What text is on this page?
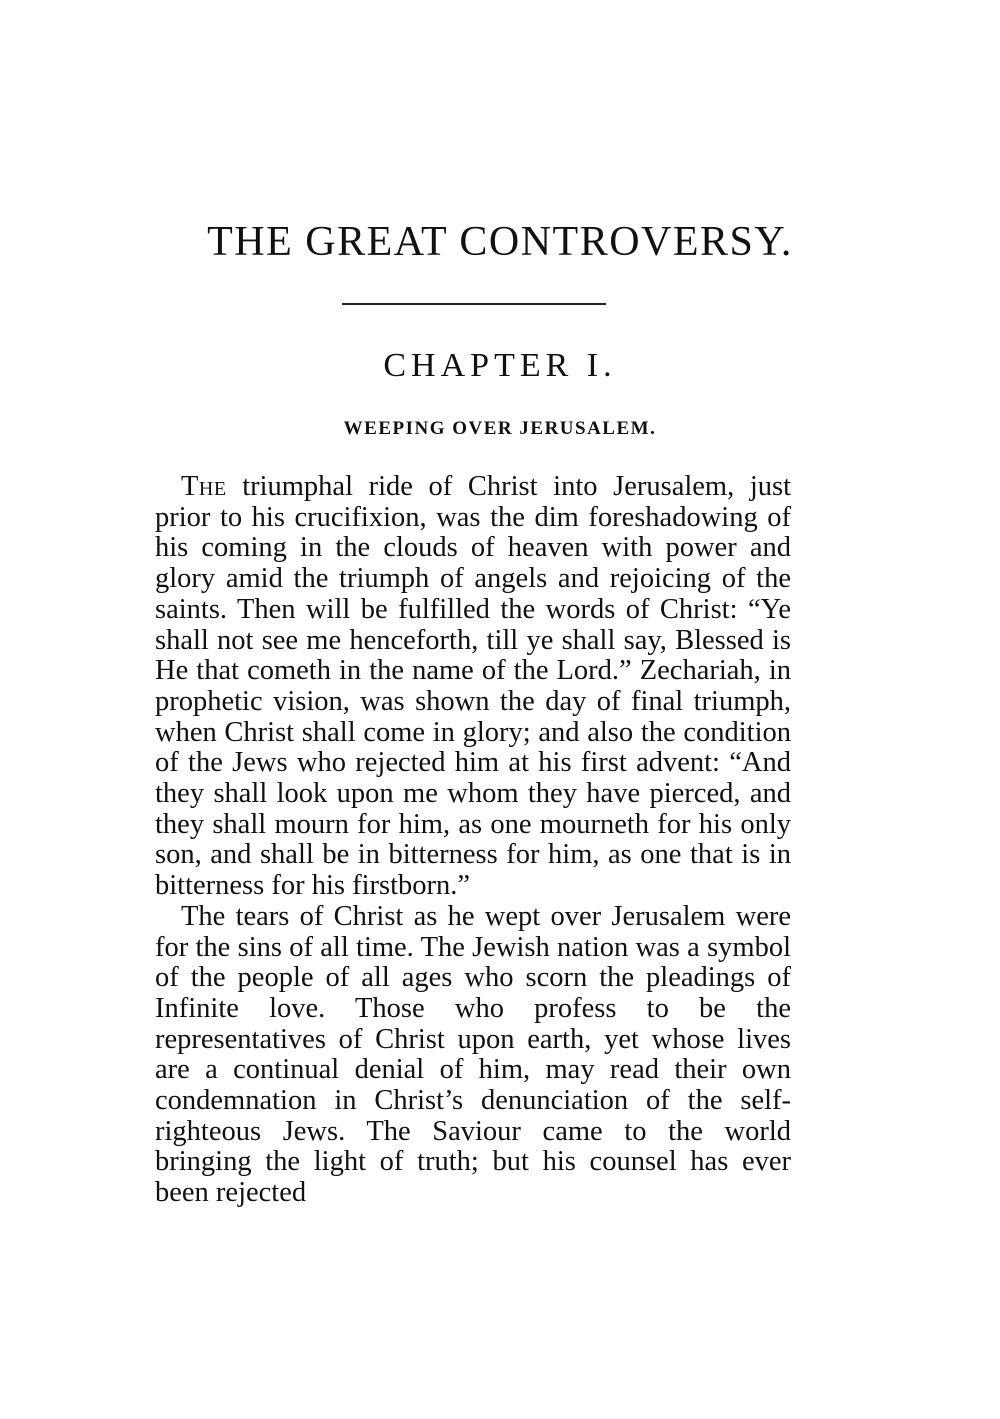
THE GREAT CONTROVERSY.
CHAPTER I.
WEEPING OVER JERUSALEM.

The triumphal ride of Christ into Jerusalem, just prior to his crucifixion, was the dim foreshadowing of his coming in the clouds of heaven with power and glory amid the triumph of angels and rejoicing of the saints. Then will be fulfilled the words of Christ: “Ye shall not see me henceforth, till ye shall say, Blessed is He that cometh in the name of the Lord.” Zechariah, in prophetic vision, was shown the day of final triumph, when Christ shall come in glory; and also the condition of the Jews who rejected him at his first advent: “And they shall look upon me whom they have pierced, and they shall mourn for him, as one mourneth for his only son, and shall be in bitterness for him, as one that is in bitterness for his firstborn.”

The tears of Christ as he wept over Jerusalem were for the sins of all time. The Jewish nation was a symbol of the people of all ages who scorn the pleadings of Infinite love. Those who profess to be the representatives of Christ upon earth, yet whose lives are a continual denial of him, may read their own condemnation in Christ’s denunciation of the self-righteous Jews. The Saviour came to the world bringing the light of truth; but his counsel has ever been rejected
